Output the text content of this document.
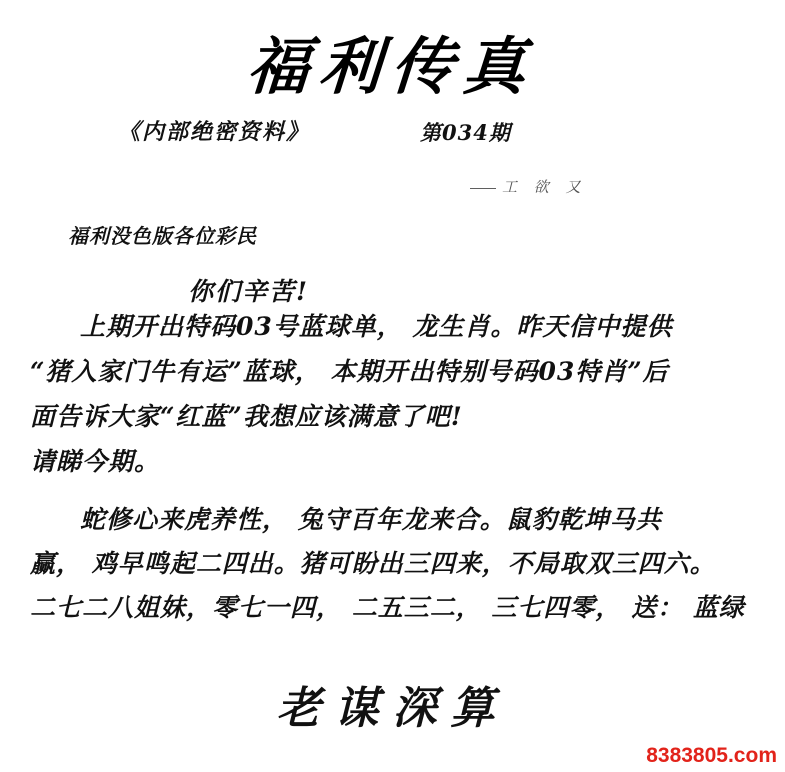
福利传真
《内部绝密资料》	第034期
工 欲 又
福利没色版各位彩民
你们辛苦!

上期开出特码03号蓝球单， 龙生肖。昨天信中提供

“猪入家门牛有运”蓝球， 本期开出特别号码03特肖”后

面告诉大家“红蓝”我想应该满意了吧!

请睇今期。

蛇修心来虎养性， 兔守百年龙来合。鼠豹乾坤马共

赢， 鸡早鸣起二四出。猪可盼出三四来，不局取双三四六。

二七二八姐妹，零七一四， 二五三二， 三七四零， 送： 蓝绿

老谋深算
8383805.com
